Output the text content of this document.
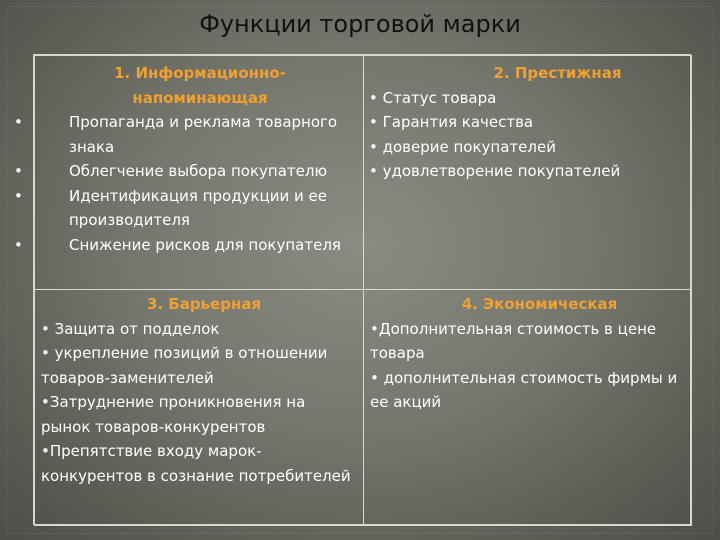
Функции торговой марки
1. Информационно-
напоминающая
•	Пропаганда и реклама товарного знака
•	Облегчение выбора покупателю
•	Идентификация продукции и ее производителя
•	Снижение рисков для покупателя
2. Престижная
• Статус товара
• Гарантия качества
• доверие покупателей
• удовлетворение покупателей
3. Барьерная
• Защита от подделок
• укрепление позиций в отношении товаров-заменителей
•Затруднение проникновения на рынок товаров-конкурентов
•Препятствие входу марок-конкурентов в сознание потребителей
4. Экономическая
•Дополнительная стоимость в цене товара
• дополнительная стоимость фирмы и ее акций
